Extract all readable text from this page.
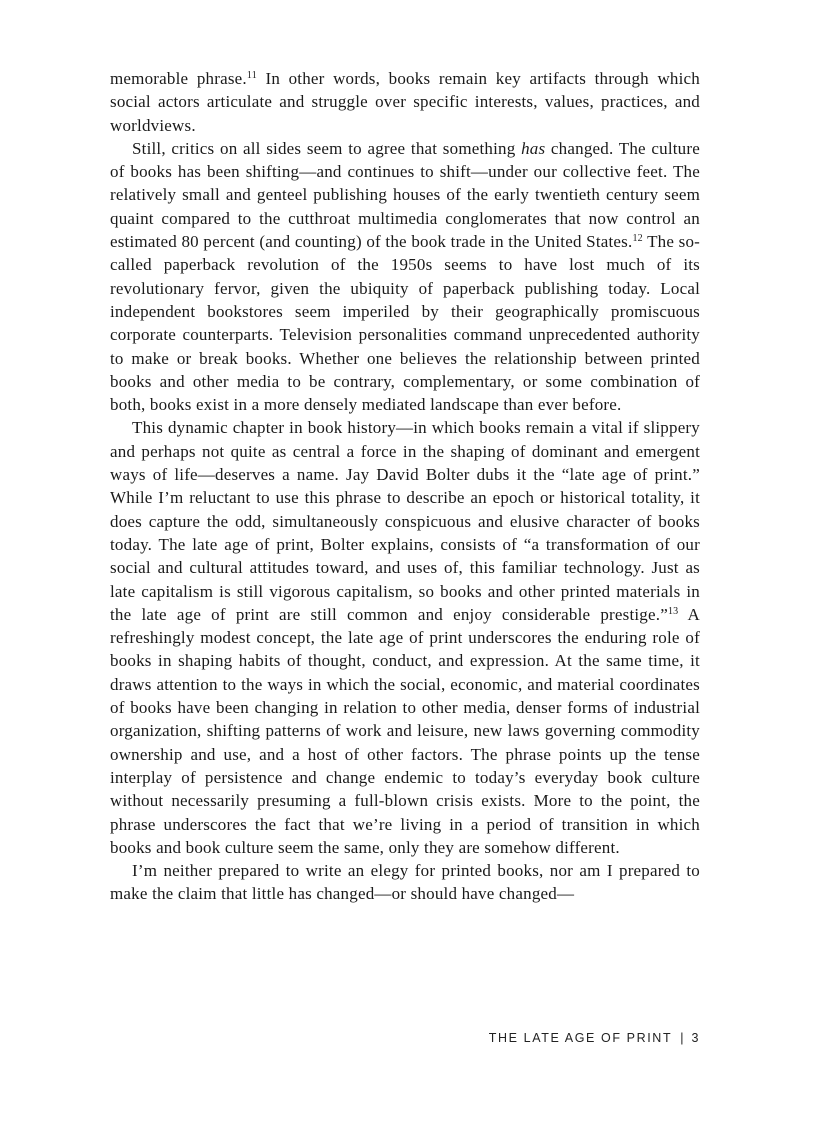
memorable phrase.$^{11}$ In other words, books remain key artifacts through which social actors articulate and struggle over specific interests, values, practices, and worldviews.

Still, critics on all sides seem to agree that something has changed. The culture of books has been shifting—and continues to shift—under our collective feet. The relatively small and genteel publishing houses of the early twentieth century seem quaint compared to the cutthroat multimedia conglomerates that now control an estimated 80 percent (and counting) of the book trade in the United States.$^{12}$ The so-called paperback revolution of the 1950s seems to have lost much of its revolutionary fervor, given the ubiquity of paperback publishing today. Local independent bookstores seem imperiled by their geographically promiscuous corporate counterparts. Television personalities command unprecedented authority to make or break books. Whether one believes the relationship between printed books and other media to be contrary, complementary, or some combination of both, books exist in a more densely mediated landscape than ever before.

This dynamic chapter in book history—in which books remain a vital if slippery and perhaps not quite as central a force in the shaping of dominant and emergent ways of life—deserves a name. Jay David Bolter dubs it the “late age of print.” While I’m reluctant to use this phrase to describe an epoch or historical totality, it does capture the odd, simultaneously conspicuous and elusive character of books today. The late age of print, Bolter explains, consists of “a transformation of our social and cultural attitudes toward, and uses of, this familiar technology. Just as late capitalism is still vigorous capitalism, so books and other printed materials in the late age of print are still common and enjoy considerable prestige.”$^{13}$ A refreshingly modest concept, the late age of print underscores the enduring role of books in shaping habits of thought, conduct, and expression. At the same time, it draws attention to the ways in which the social, economic, and material coordinates of books have been changing in relation to other media, denser forms of industrial organization, shifting patterns of work and leisure, new laws governing commodity ownership and use, and a host of other factors. The phrase points up the tense interplay of persistence and change endemic to today’s everyday book culture without necessarily presuming a full-blown crisis exists. More to the point, the phrase underscores the fact that we’re living in a period of transition in which books and book culture seem the same, only they are somehow different.

I’m neither prepared to write an elegy for printed books, nor am I prepared to make the claim that little has changed—or should have changed—

THE LATE AGE OF PRINT | 3
